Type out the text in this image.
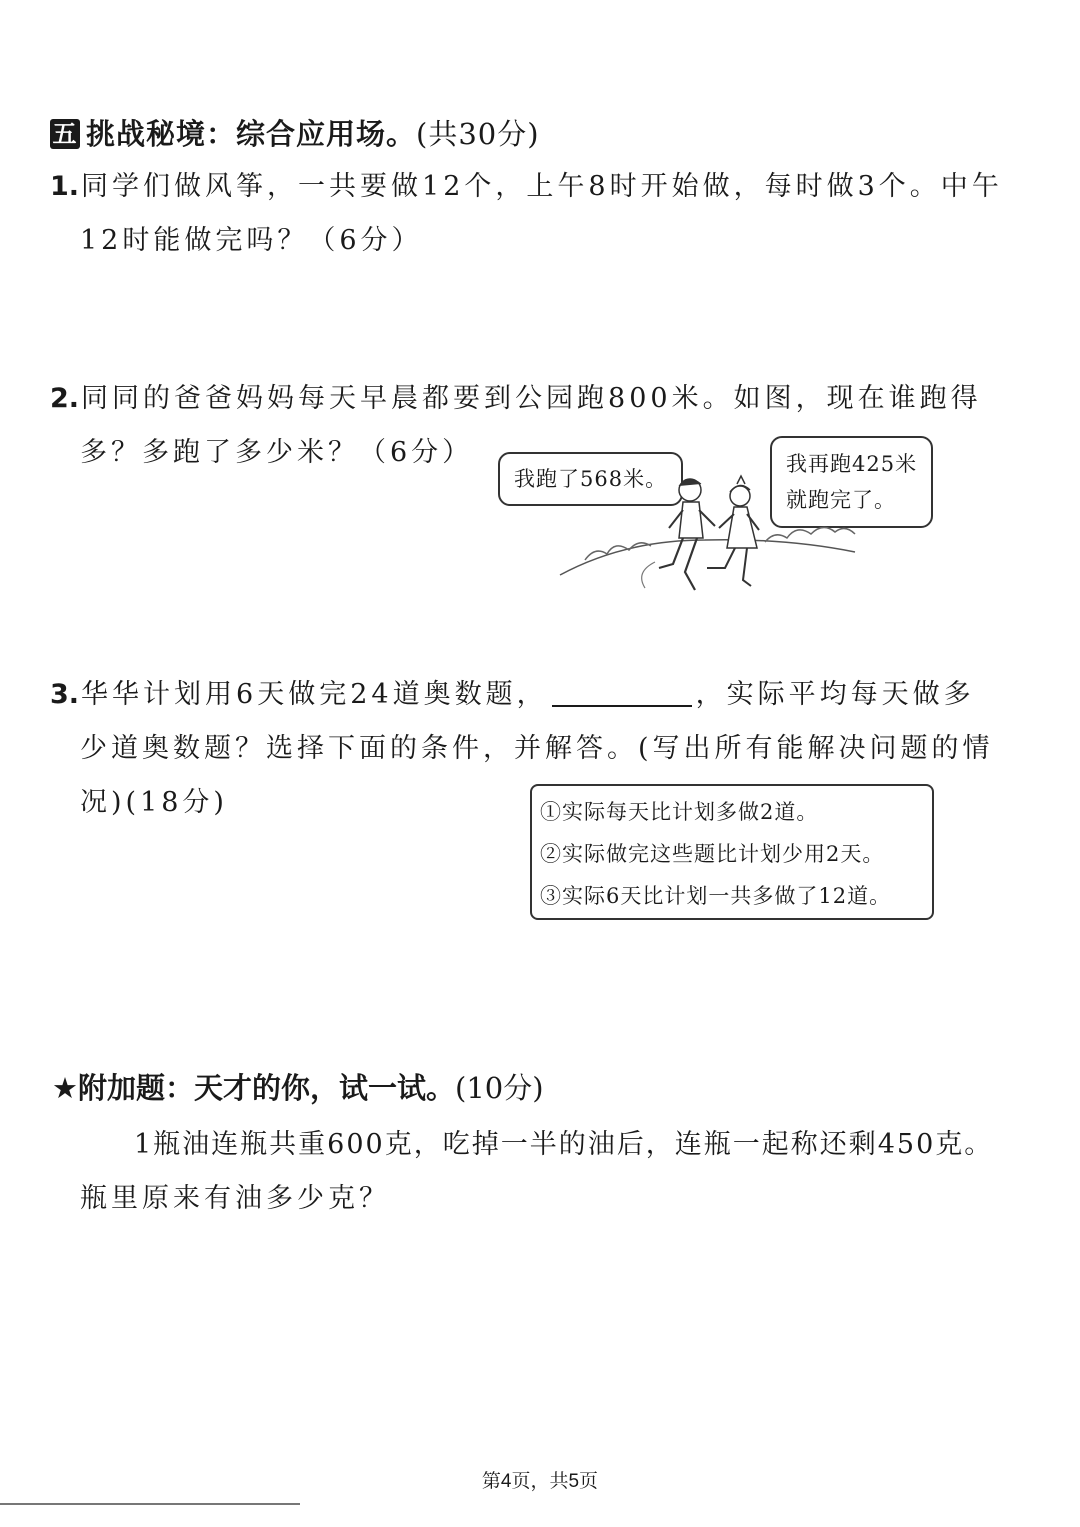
五 挑战秘境：综合应用场。(共30分)
1.同学们做风筝，一共要做12个，上午8时开始做，每时做3个。中午
12时能做完吗？（6分）
2.同同的爸爸妈妈每天早晨都要到公园跑800米。如图，现在谁跑得
多？多跑了多少米？（6分）
我跑了568米。
我再跑425米
就跑完了。
3.华华计划用6天做完24道奥数题，	，实际平均每天做多
少道奥数题？选择下面的条件，并解答。(写出所有能解决问题的情
况)(18分)	①实际每天比计划多做2道。
②实际做完这些题比计划少用2天。
③实际6天比计划一共多做了12道。
★附加题：天才的你，试一试。(10分)
1瓶油连瓶共重600克，吃掉一半的油后，连瓶一起称还剩450克。
瓶里原来有油多少克？
第4页，共5页
